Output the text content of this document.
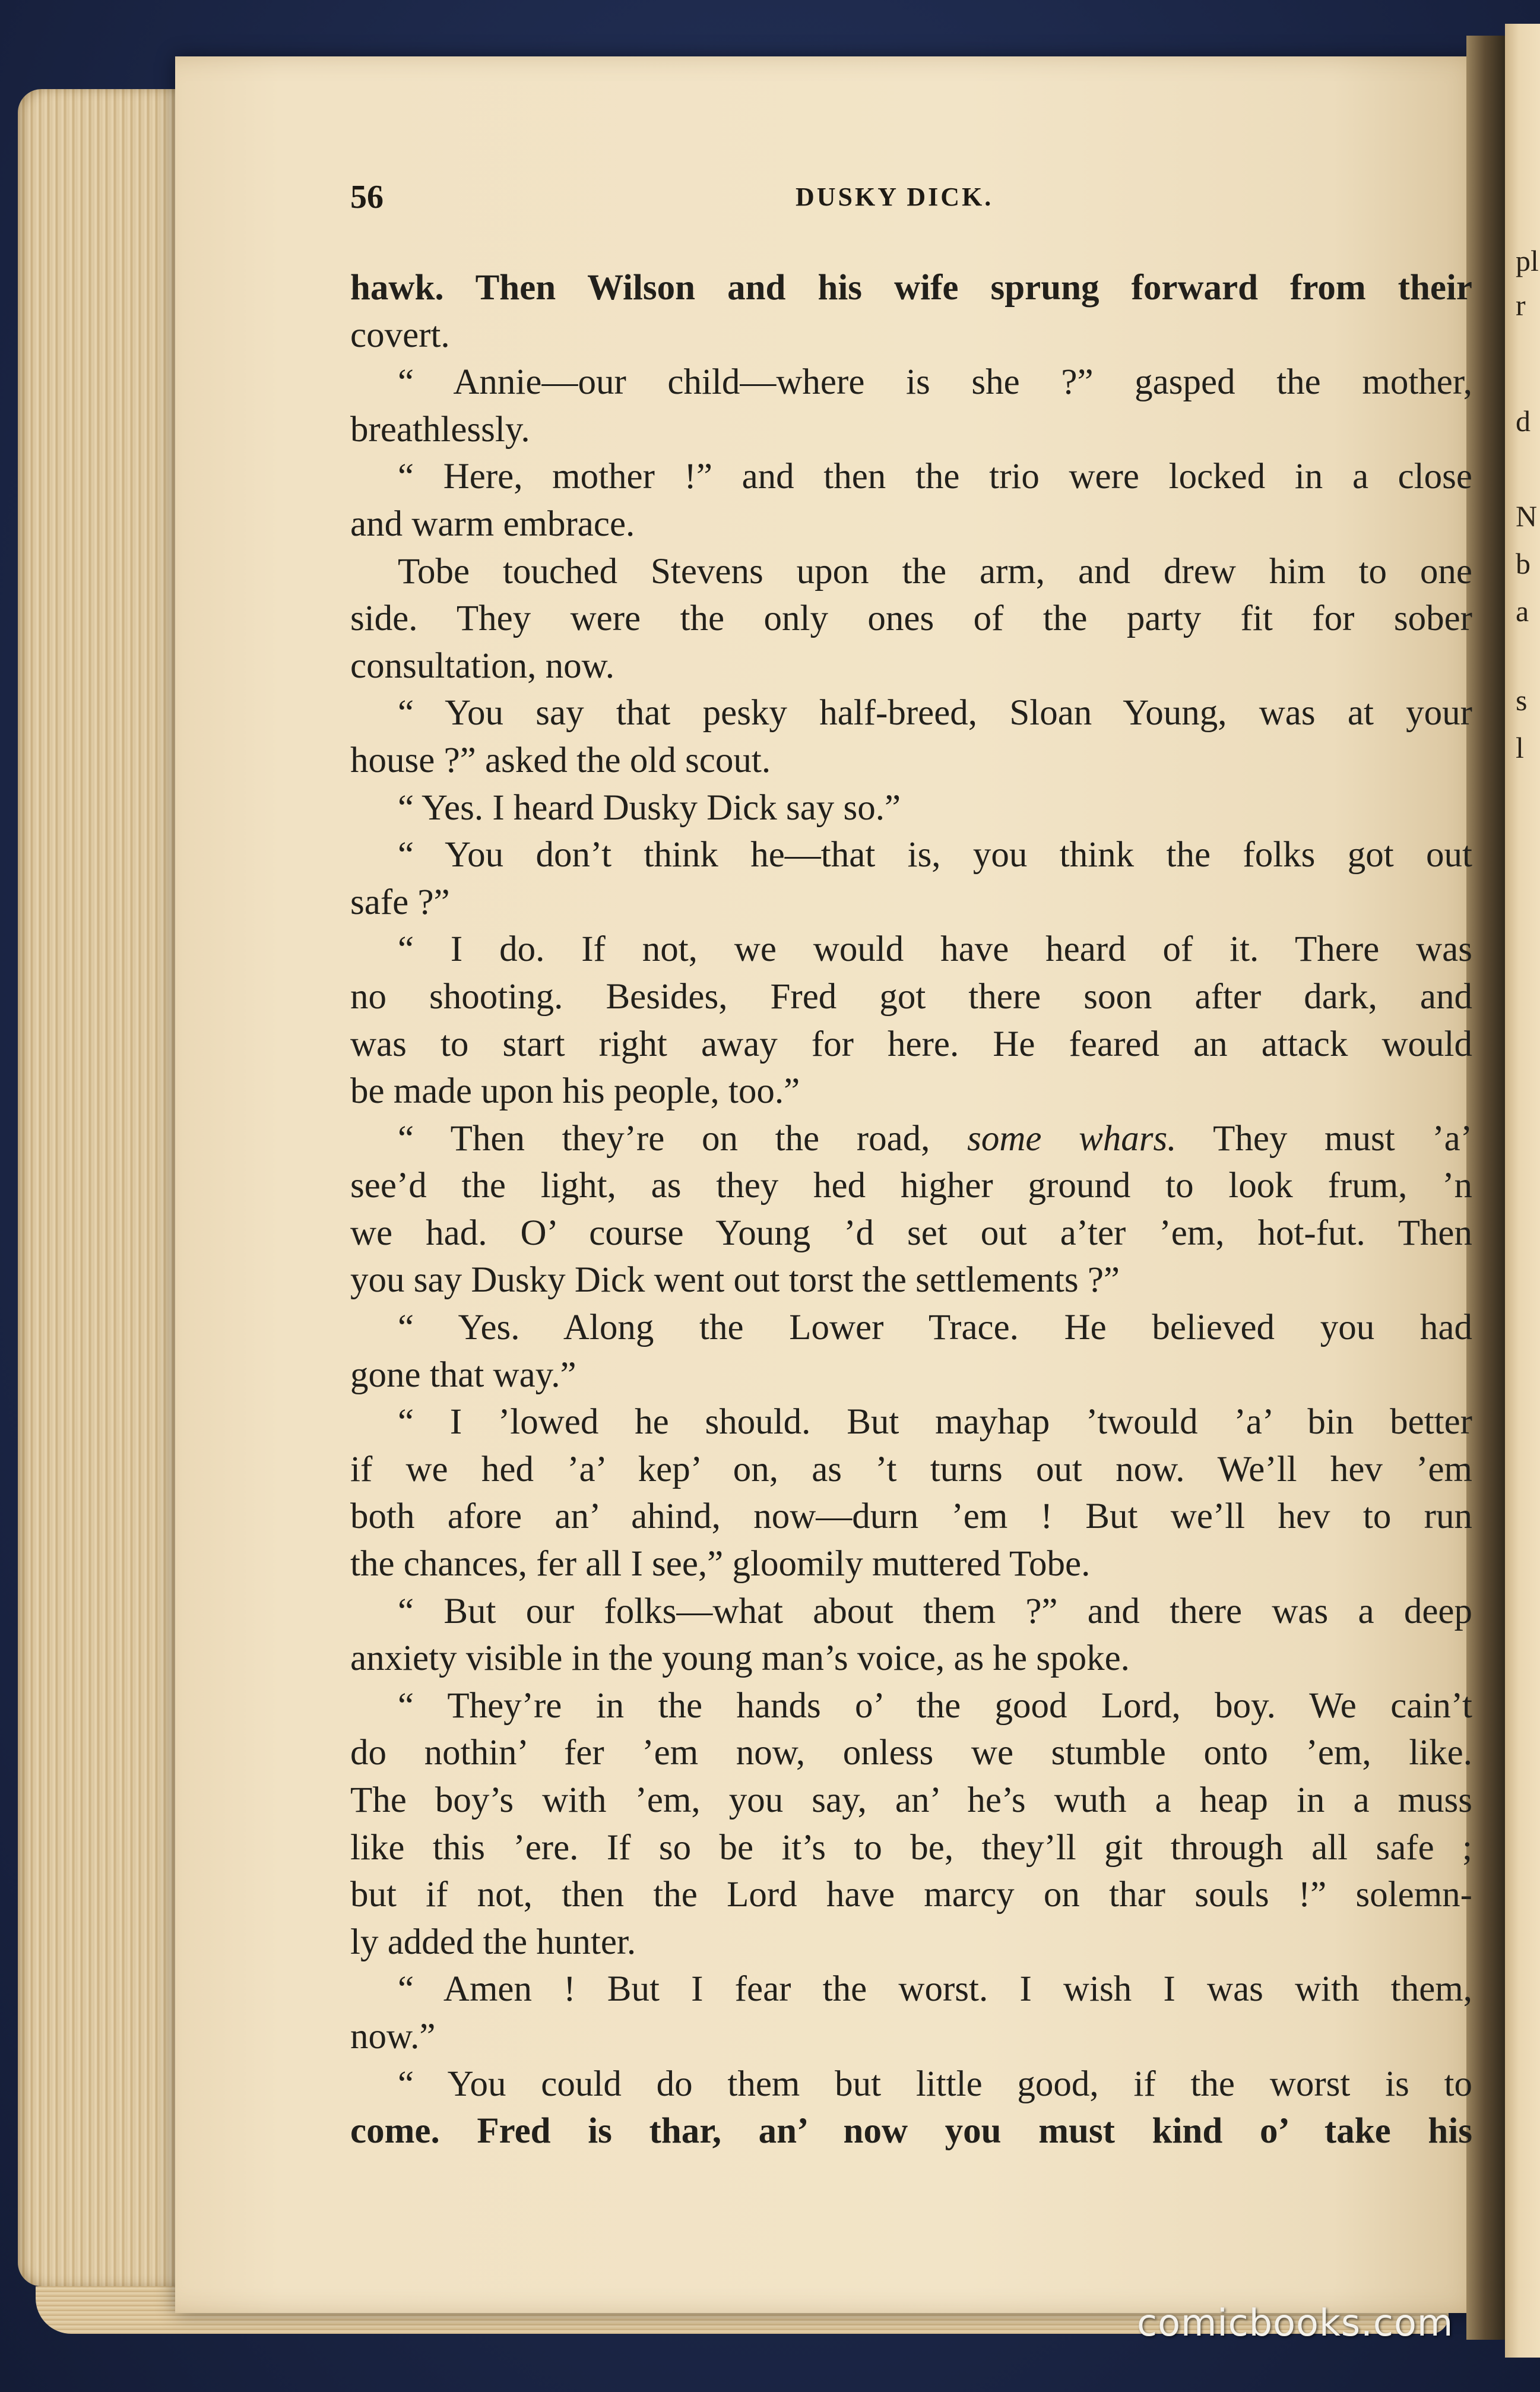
pl
r
d
N
b
a
s
l
56	DUSKY DICK.
hawk. Then Wilson and his wife sprung forward from their
covert.
“ Annie—our child—where is she ?” gasped the mother,
breathlessly.
“ Here, mother !” and then the trio were locked in a close
and warm embrace.
Tobe touched Stevens upon the arm, and drew him to one
side. They were the only ones of the party fit for sober
consultation, now.
“ You say that pesky half-breed, Sloan Young, was at your
house ?” asked the old scout.
“ Yes. I heard Dusky Dick say so.”
“ You don’t think he—that is, you think the folks got out
safe ?”
“ I do. If not, we would have heard of it. There was
no shooting. Besides, Fred got there soon after dark, and
was to start right away for here. He feared an attack would
be made upon his people, too.”
“ Then they’re on the road, some whars. They must ’a’
see’d the light, as they hed higher ground to look frum, ’n
we had. O’ course Young ’d set out a’ter ’em, hot-fut. Then
you say Dusky Dick went out torst the settlements ?”
“ Yes. Along the Lower Trace. He believed you had
gone that way.”
“ I ’lowed he should. But mayhap ’twould ’a’ bin better
if we hed ’a’ kep’ on, as ’t turns out now. We’ll hev ’em
both afore an’ ahind, now—durn ’em ! But we’ll hev to run
the chances, fer all I see,” gloomily muttered Tobe.
“ But our folks—what about them ?” and there was a deep
anxiety visible in the young man’s voice, as he spoke.
“ They’re in the hands o’ the good Lord, boy. We cain’t
do nothin’ fer ’em now, onless we stumble onto ’em, like.
The boy’s with ’em, you say, an’ he’s wuth a heap in a muss
like this ’ere. If so be it’s to be, they’ll git through all safe ;
but if not, then the Lord have marcy on thar souls !” solemn-
ly added the hunter.
“ Amen ! But I fear the worst. I wish I was with them,
now.”
“ You could do them but little good, if the worst is to
come. Fred is thar, an’ now you must kind o’ take his
comicbooks.com
